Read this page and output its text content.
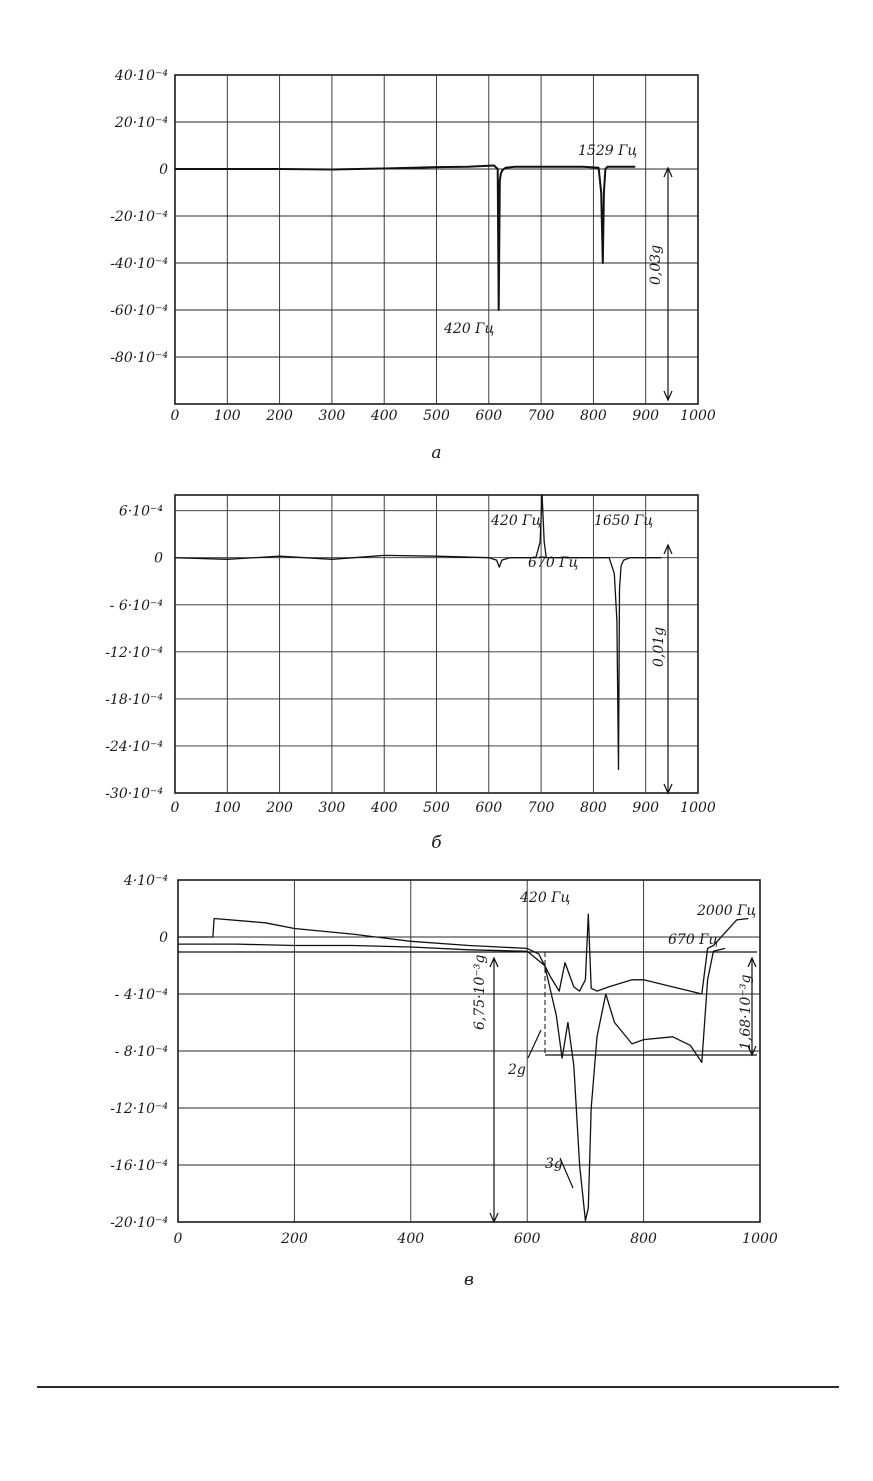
0 100 200 300 400 500 600 700 800 900 1000
40·10⁻⁴
20·10⁻⁴
0
-20·10⁻⁴
-40·10⁻⁴
-60·10⁻⁴
-80·10⁻⁴
1529 Гц
420 Гц
0,03g
а
0 100 200 300 400 500 600 700 800 900 1000
6·10⁻⁴
0
- 6·10⁻⁴
-12·10⁻⁴
-18·10⁻⁴
-24·10⁻⁴
-30·10⁻⁴
420 Гц
670 Гц
1650 Гц
0,01g
б
0	200	400	600	800	1000
4·10⁻⁴
0
- 4·10⁻⁴
- 8·10⁻⁴
-12·10⁻⁴
-16·10⁻⁴
-20·10⁻⁴
420 Гц
670 Гц
2000 Гц
2g
3g
6,75·10⁻³g	1,68·10⁻³g
в
